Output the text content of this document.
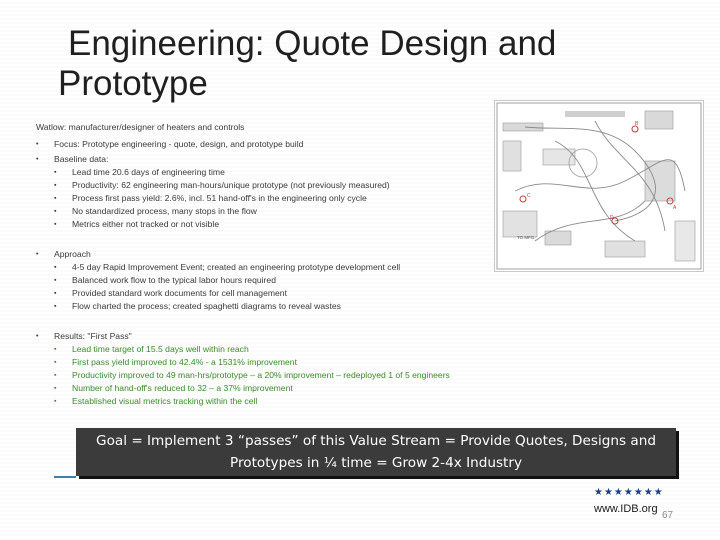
Engineering: Quote Design and
Prototype
Watlow: manufacturer/designer of heaters and controls
• Focus: Prototype engineering - quote, design, and prototype build
• Baseline data:
▪ Lead time 20.6 days of engineering time
▪ Productivity: 62 engineering man-hours/unique prototype (not previously measured)
▪ Process first pass yield: 2.6%, incl. 51 hand-off's in the engineering only cycle
▪ No standardized process, many stops in the flow
▪ Metrics either not tracked or not visible
• Approach
▪ 4-5 day Rapid Improvement Event; created an engineering prototype development cell
▪ Balanced work flow to the typical labor hours required
▪ Provided standard work documents for cell management
▪ Flow charted the process; created spaghetti diagrams to reveal wastes
• Results: "First Pass"
▪ Lead time target of 15.5 days well within reach
▪ First pass yield improved to 42.4% - a 1531% improvement
▪ Productivity improved to 49 man-hrs/prototype – a 20% improvement – redeployed 1 of 5 engineers
▪ Number of hand-off's reduced to 32 – a 37% improvement
▪ Established visual metrics tracking within the cell
TO MFG
B
C
D
A
Goal = Implement 3 “passes” of this Value Stream = Provide Quotes, Designs and Prototypes in ¼ time = Grow 2-4x Industry
★★★★★★★
www.IDB.org
67
